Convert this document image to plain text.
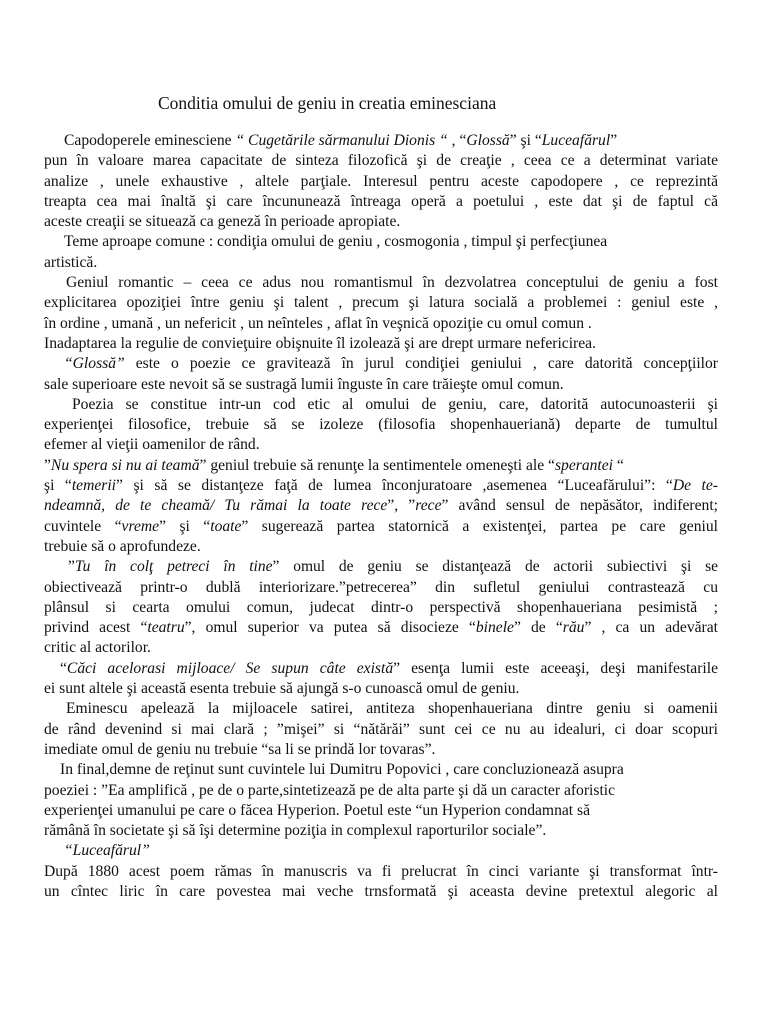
Conditia omului de geniu in creatia eminesciana
Capodoperele eminesciene “ Cugetările sărmanului Dionis “ , “Glossă” şi “Luceafărul”
pun în valoare marea capacitate de sinteza filozofică şi de creaţie , ceea ce a determinat variate
analize , unele exhaustive , altele parţiale. Interesul pentru aceste capodopere , ce reprezintă
treapta cea mai înaltă şi care încununează întreaga operă a poetului , este dat şi de faptul că
aceste creaţii se situează ca geneză în perioade apropiate.
Teme aproape comune : condiţia omului de geniu , cosmogonia , timpul şi perfecţiunea
artistică.
Geniul romantic – ceea ce adus nou romantismul în dezvolatrea conceptului de geniu a fost
explicitarea opoziţiei între geniu şi talent , precum şi latura socială a problemei : geniul este ,
în ordine , umană , un nefericit , un neînteles , aflat în veşnică opoziţie cu omul comun .
Inadaptarea la regulie de convieţuire obişnuite îl izolează şi are drept urmare nefericirea.
“Glossă” este o poezie ce gravitează în jurul condiţiei geniului , care datorită concepţiilor
sale superioare este nevoit să se sustragă lumii înguste în care trăieşte omul comun.
Poezia se constitue intr-un cod etic al omului de geniu, care, datorită autocunoasterii şi
experienţei filosofice, trebuie să se izoleze (filosofia shopenhaueriană) departe de tumultul
efemer al vieţii oamenilor de rând.
”Nu spera si nu ai teamă” geniul trebuie să renunţe la sentimentele omeneşti ale “sperantei “
şi “temerii” şi să se distanţeze faţă de lumea înconjuratoare ,asemenea “Luceafărului”: “De te-
ndeamnă, de te cheamă/ Tu rămai la toate rece”, ”rece” având sensul de nepăsător, indiferent;
cuvintele “vreme” şi “toate” sugerează partea statornică a existenţei, partea pe care geniul
trebuie să o aprofundeze.
”Tu în colţ petreci în tine” omul de geniu se distanţează de actorii subiectivi şi se
obiectivează printr-o dublă interiorizare.”petrecerea” din sufletul geniului contrastează cu
plânsul si cearta omului comun, judecat dintr-o perspectivă shopenhaueriana pesimistă ;
privind acest “teatru”, omul superior va putea să disocieze “binele” de “rău” , ca un adevărat
critic al actorilor.
“Căci acelorasi mijloace/ Se supun câte există” esenţa lumii este aceeaşi, deşi manifestarile
ei sunt altele şi această esenta trebuie să ajungă s-o cunoască omul de geniu.
Eminescu apelează la mijloacele satirei, antiteza shopenhaueriana dintre geniu si oamenii
de rând devenind si mai clară ; ”mişei” si “nătărăi” sunt cei ce nu au idealuri, ci doar scopuri
imediate omul de geniu nu trebuie “sa li se prindă lor tovaras”.
In final,demne de reţinut sunt cuvintele lui Dumitru Popovici , care concluzionează asupra
poeziei : ”Ea amplifică , pe de o parte,sintetizează pe de alta parte şi dă un caracter aforistic
experienţei umanului pe care o făcea Hyperion. Poetul este “un Hyperion condamnat să
rămână în societate şi să îşi determine poziţia in complexul raporturilor sociale”.
“Luceafărul”
După 1880 acest poem rămas în manuscris va fi prelucrat în cinci variante şi transformat într-
un cîntec liric în care povestea mai veche trnsformată şi aceasta devine pretextul alegoric al
